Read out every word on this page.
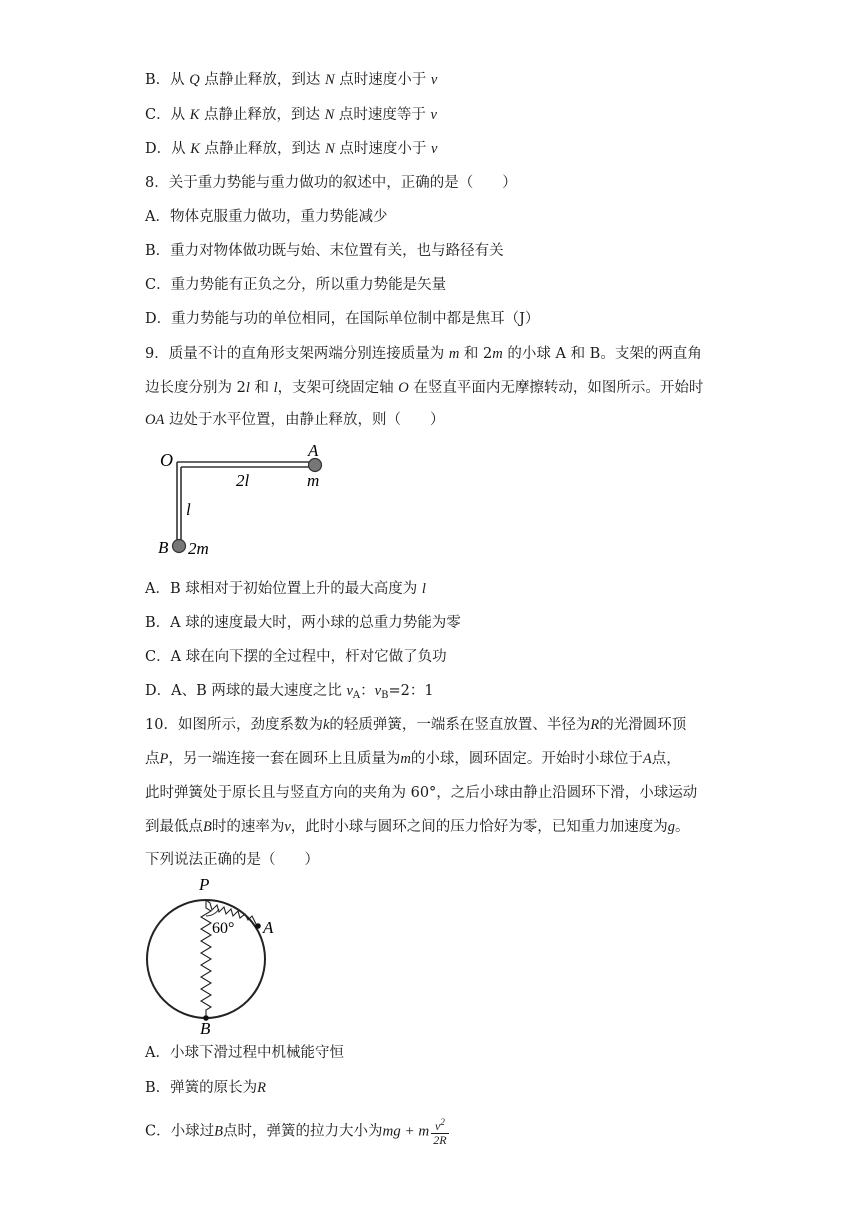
B．从 Q 点静止释放，到达 N 点时速度小于 v
C．从 K 点静止释放，到达 N 点时速度等于 v
D．从 K 点静止释放，到达 N 点时速度小于 v
8．关于重力势能与重力做功的叙述中，正确的是（　　）
A．物体克服重力做功，重力势能减少
B．重力对物体做功既与始、末位置有关，也与路径有关
C．重力势能有正负之分，所以重力势能是矢量
D．重力势能与功的单位相同，在国际单位制中都是焦耳（J）
9．质量不计的直角形支架两端分别连接质量为 m 和 2m 的小球 A 和 B。支架的两直角
边长度分别为 2l 和 l，支架可绕固定轴 O 在竖直平面内无摩擦转动，如图所示。开始时
OA 边处于水平位置，由静止释放，则（　　）
O	A
m
2l
l
B 2m
A．B 球相对于初始位置上升的最大高度为 l
B．A 球的速度最大时，两小球的总重力势能为零
C．A 球在向下摆的全过程中，杆对它做了负功
D．A、B 两球的最大速度之比 $v_A$：$v_B=2$：1
10．如图所示，劲度系数为k的轻质弹簧，一端系在竖直放置、半径为R的光滑圆环顶
点P，另一端连接一套在圆环上且质量为m的小球，圆环固定。开始时小球位于A点，
此时弹簧处于原长且与竖直方向的夹角为 60°，之后小球由静止沿圆环下滑，小球运动
到最低点B时的速率为v，此时小球与圆环之间的压力恰好为零，已知重力加速度为g。
下列说法正确的是（　　）
P
60° A
B
A．小球下滑过程中机械能守恒
B．弹簧的原长为R
C．小球过B点时，弹簧的拉力大小为mg + m $\frac{v^2}{2R}$
